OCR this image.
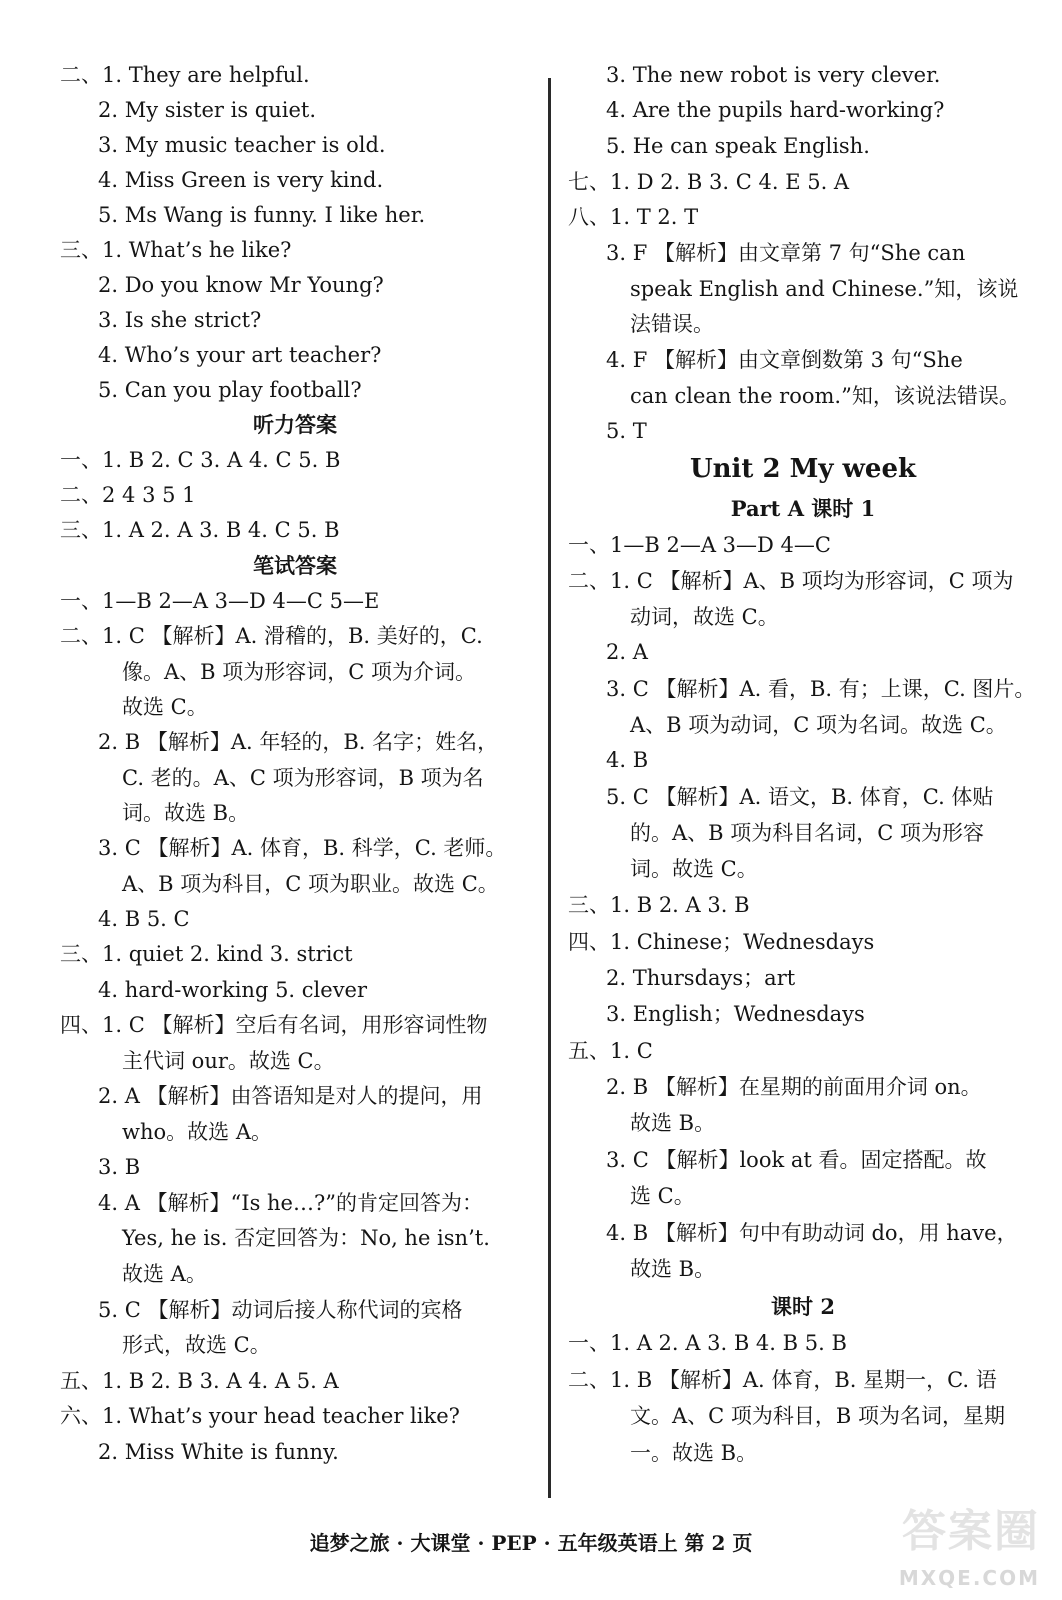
二、1. They are helpful.
2. My sister is quiet.
3. My music teacher is old.
4. Miss Green is very kind.
5. Ms Wang is funny. I like her.
三、1. What’s he like?
2. Do you know Mr Young?
3. Is she strict?
4. Who’s your art teacher?
5. Can you play football?
听力答案
一、1. B 2. C 3. A 4. C 5. B
二、2 4 3 5 1
三、1. A 2. A 3. B 4. C 5. B
笔试答案
一、1—B 2—A 3—D 4—C 5—E
二、1. C 【解析】A. 滑稽的，B. 美好的，C.
像。A、B 项为形容词，C 项为介词。
故选 C。
2. B 【解析】A. 年轻的，B. 名字；姓名，
C. 老的。A、C 项为形容词，B 项为名
词。故选 B。
3. C 【解析】A. 体育，B. 科学，C. 老师。
A、B 项为科目，C 项为职业。故选 C。
4. B 5. C
三、1. quiet 2. kind 3. strict
4. hard-working 5. clever
四、1. C 【解析】空后有名词，用形容词性物
主代词 our。故选 C。
2. A 【解析】由答语知是对人的提问，用
who。故选 A。
3. B
4. A 【解析】“Is he…?”的肯定回答为：
Yes, he is. 否定回答为：No, he isn’t.
故选 A。
5. C 【解析】动词后接人称代词的宾格
形式，故选 C。
五、1. B 2. B 3. A 4. A 5. A
六、1. What’s your head teacher like?
2. Miss White is funny.
3. The new robot is very clever.
4. Are the pupils hard-working?
5. He can speak English.
七、1. D 2. B 3. C 4. E 5. A
八、1. T 2. T
3. F 【解析】由文章第 7 句“She can
speak English and Chinese.”知，该说
法错误。
4. F 【解析】由文章倒数第 3 句“She
can clean the room.”知，该说法错误。
5. T
Unit 2 My week
Part A 课时 1
一、1—B 2—A 3—D 4—C
二、1. C 【解析】A、B 项均为形容词，C 项为
动词，故选 C。
2. A
3. C 【解析】A. 看，B. 有；上课，C. 图片。
A、B 项为动词，C 项为名词。故选 C。
4. B
5. C 【解析】A. 语文，B. 体育，C. 体贴
的。A、B 项为科目名词，C 项为形容
词。故选 C。
三、1. B 2. A 3. B
四、1. Chinese；Wednesdays
2. Thursdays；art
3. English；Wednesdays
五、1. C
2. B 【解析】在星期的前面用介词 on。
故选 B。
3. C 【解析】look at 看。固定搭配。故
选 C。
4. B 【解析】句中有助动词 do，用 have，
故选 B。
课时 2
一、1. A 2. A 3. B 4. B 5. B
二、1. B 【解析】A. 体育，B. 星期一，C. 语
文。A、C 项为科目，B 项为名词，星期
一。故选 B。
追梦之旅 · 大课堂 · PEP · 五年级英语上 第 2 页	答案圈
MXQE.COM
